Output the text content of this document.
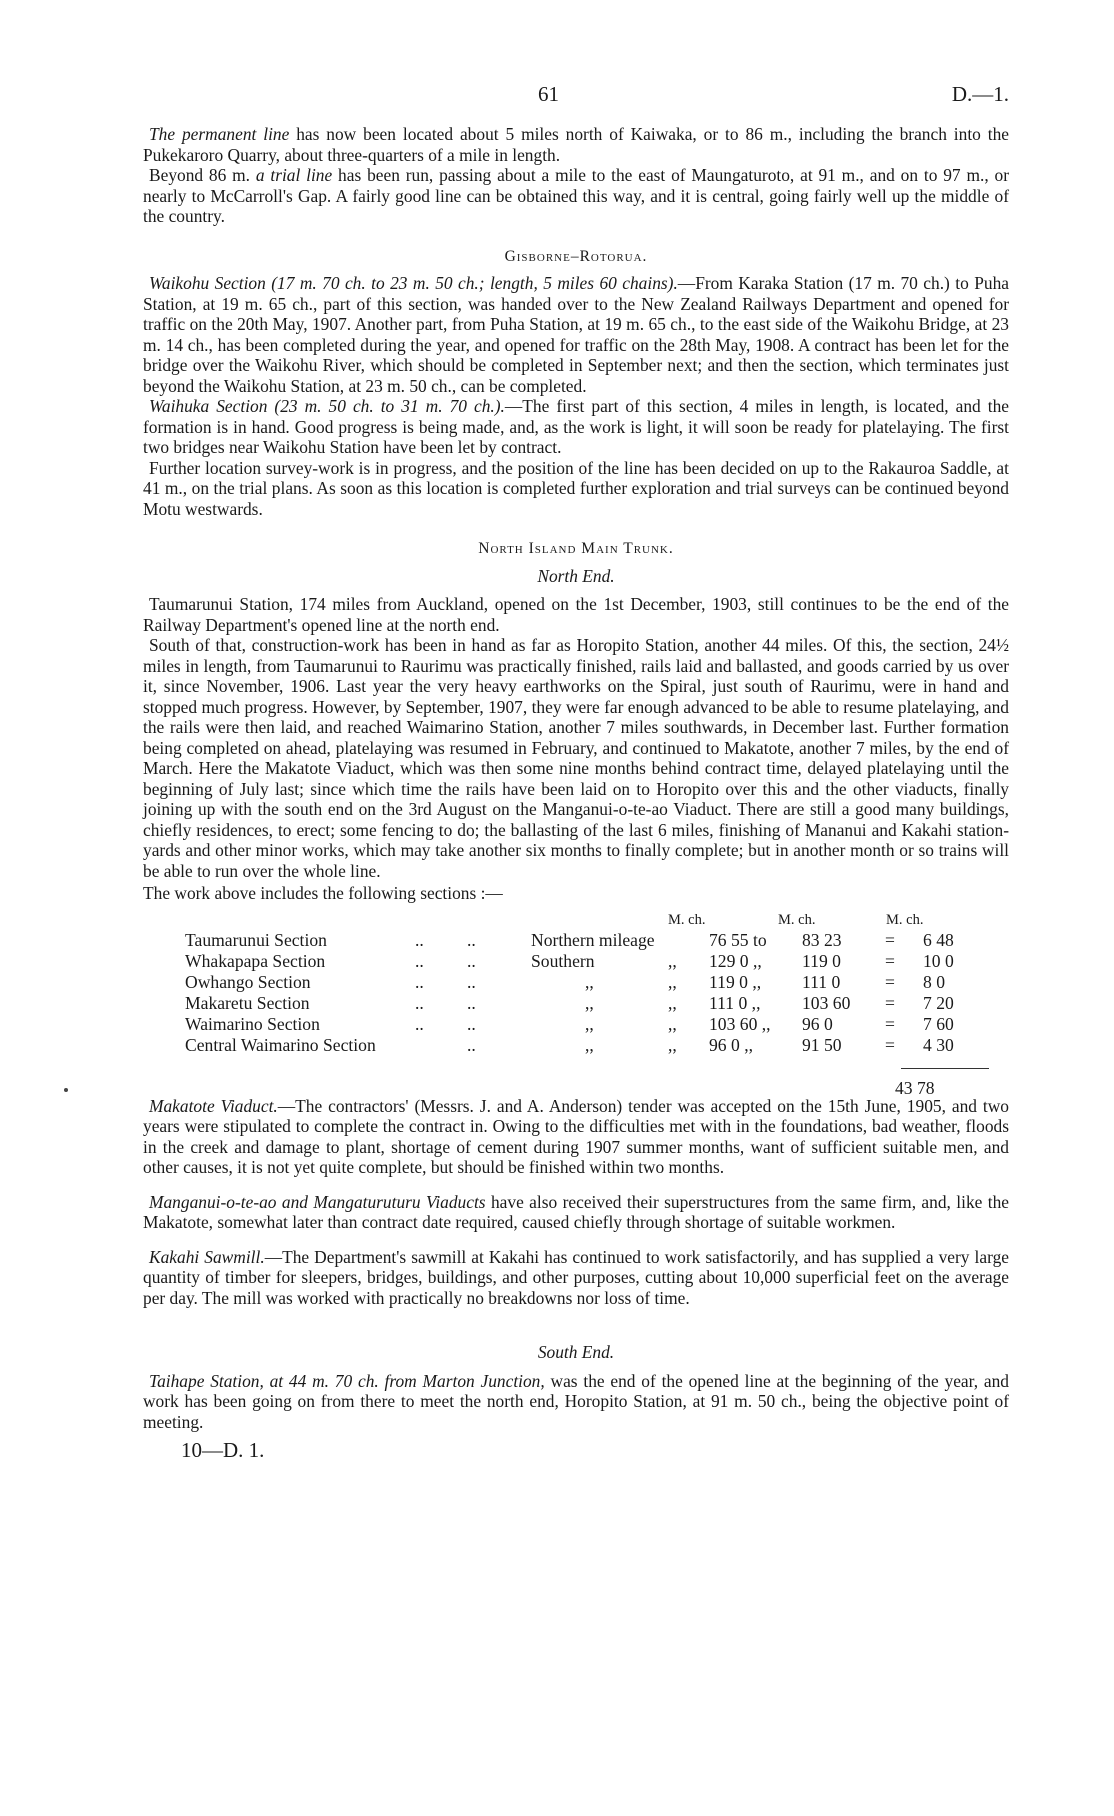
61	D.—1.

The permanent line has now been located about 5 miles north of Kaiwaka, or to 86 m., including the branch into the Pukekaroro Quarry, about three-quarters of a mile in length.

Beyond 86 m. a trial line has been run, passing about a mile to the east of Maungaturoto, at 91 m., and on to 97 m., or nearly to McCarroll's Gap. A fairly good line can be obtained this way, and it is central, going fairly well up the middle of the country.

Gisborne–Rotorua.

Waikohu Section (17 m. 70 ch. to 23 m. 50 ch.; length, 5 miles 60 chains).—From Karaka Station (17 m. 70 ch.) to Puha Station, at 19 m. 65 ch., part of this section, was handed over to the New Zealand Railways Department and opened for traffic on the 20th May, 1907. Another part, from Puha Station, at 19 m. 65 ch., to the east side of the Waikohu Bridge, at 23 m. 14 ch., has been completed during the year, and opened for traffic on the 28th May, 1908. A contract has been let for the bridge over the Waikohu River, which should be completed in September next; and then the section, which terminates just beyond the Waikohu Station, at 23 m. 50 ch., can be completed.

Waihuka Section (23 m. 50 ch. to 31 m. 70 ch.).—The first part of this section, 4 miles in length, is located, and the formation is in hand. Good progress is being made, and, as the work is light, it will soon be ready for platelaying. The first two bridges near Waikohu Station have been let by contract.

Further location survey-work is in progress, and the position of the line has been decided on up to the Rakauroa Saddle, at 41 m., on the trial plans. As soon as this location is completed further exploration and trial surveys can be continued beyond Motu westwards.

North Island Main Trunk.
North End.

Taumarunui Station, 174 miles from Auckland, opened on the 1st December, 1903, still continues to be the end of the Railway Department's opened line at the north end.

South of that, construction-work has been in hand as far as Horopito Station, another 44 miles. Of this, the section, 24½ miles in length, from Taumarunui to Raurimu was practically finished, rails laid and ballasted, and goods carried by us over it, since November, 1906. Last year the very heavy earthworks on the Spiral, just south of Raurimu, were in hand and stopped much progress. However, by September, 1907, they were far enough advanced to be able to resume platelaying, and the rails were then laid, and reached Waimarino Station, another 7 miles southwards, in December last. Further formation being completed on ahead, platelaying was resumed in February, and continued to Makatote, another 7 miles, by the end of March. Here the Makatote Viaduct, which was then some nine months behind contract time, delayed platelaying until the beginning of July last; since which time the rails have been laid on to Horopito over this and the other viaducts, finally joining up with the south end on the 3rd August on the Manganui-o-te-ao Viaduct. There are still a good many buildings, chiefly residences, to erect; some fencing to do; the ballasting of the last 6 miles, finishing of Mananui and Kakahi station-yards and other minor works, which may take another six months to finally complete; but in another month or so trains will be able to run over the whole line.

The work above includes the following sections :—

M. ch.	M. ch.	M. ch.
Taumarunui Section	.. ..	Northern mileage	76 55 to 83 23 = 6 48
Whakapapa Section	.. ..	Southern	,, 129 0 ,, 119 0	= 10 0
Owhango Section	.. ..	,,	,, 119 0 ,, 111 0	= 8 0
Makaretu Section	.. ..	,,	,, 111 0 ,, 103 60 = 7 20
Waimarino Section	.. ..	,,	,, 103 60 ,, 96 0	= 7 60
Central Waimarino Section	..	,,	,, 96 0 ,,	91 50 = 4 30
43 78

Makatote Viaduct.—The contractors' (Messrs. J. and A. Anderson) tender was accepted on the 15th June, 1905, and two years were stipulated to complete the contract in. Owing to the difficulties met with in the foundations, bad weather, floods in the creek and damage to plant, shortage of cement during 1907 summer months, want of sufficient suitable men, and other causes, it is not yet quite complete, but should be finished within two months.

Manganui-o-te-ao and Mangaturuturu Viaducts have also received their superstructures from the same firm, and, like the Makatote, somewhat later than contract date required, caused chiefly through shortage of suitable workmen.

Kakahi Sawmill.—The Department's sawmill at Kakahi has continued to work satisfactorily, and has supplied a very large quantity of timber for sleepers, bridges, buildings, and other purposes, cutting about 10,000 superficial feet on the average per day. The mill was worked with practically no breakdowns nor loss of time.

South End.

Taihape Station, at 44 m. 70 ch. from Marton Junction, was the end of the opened line at the beginning of the year, and work has been going on from there to meet the north end, Horopito Station, at 91 m. 50 ch., being the objective point of meeting.

10—D. 1.
